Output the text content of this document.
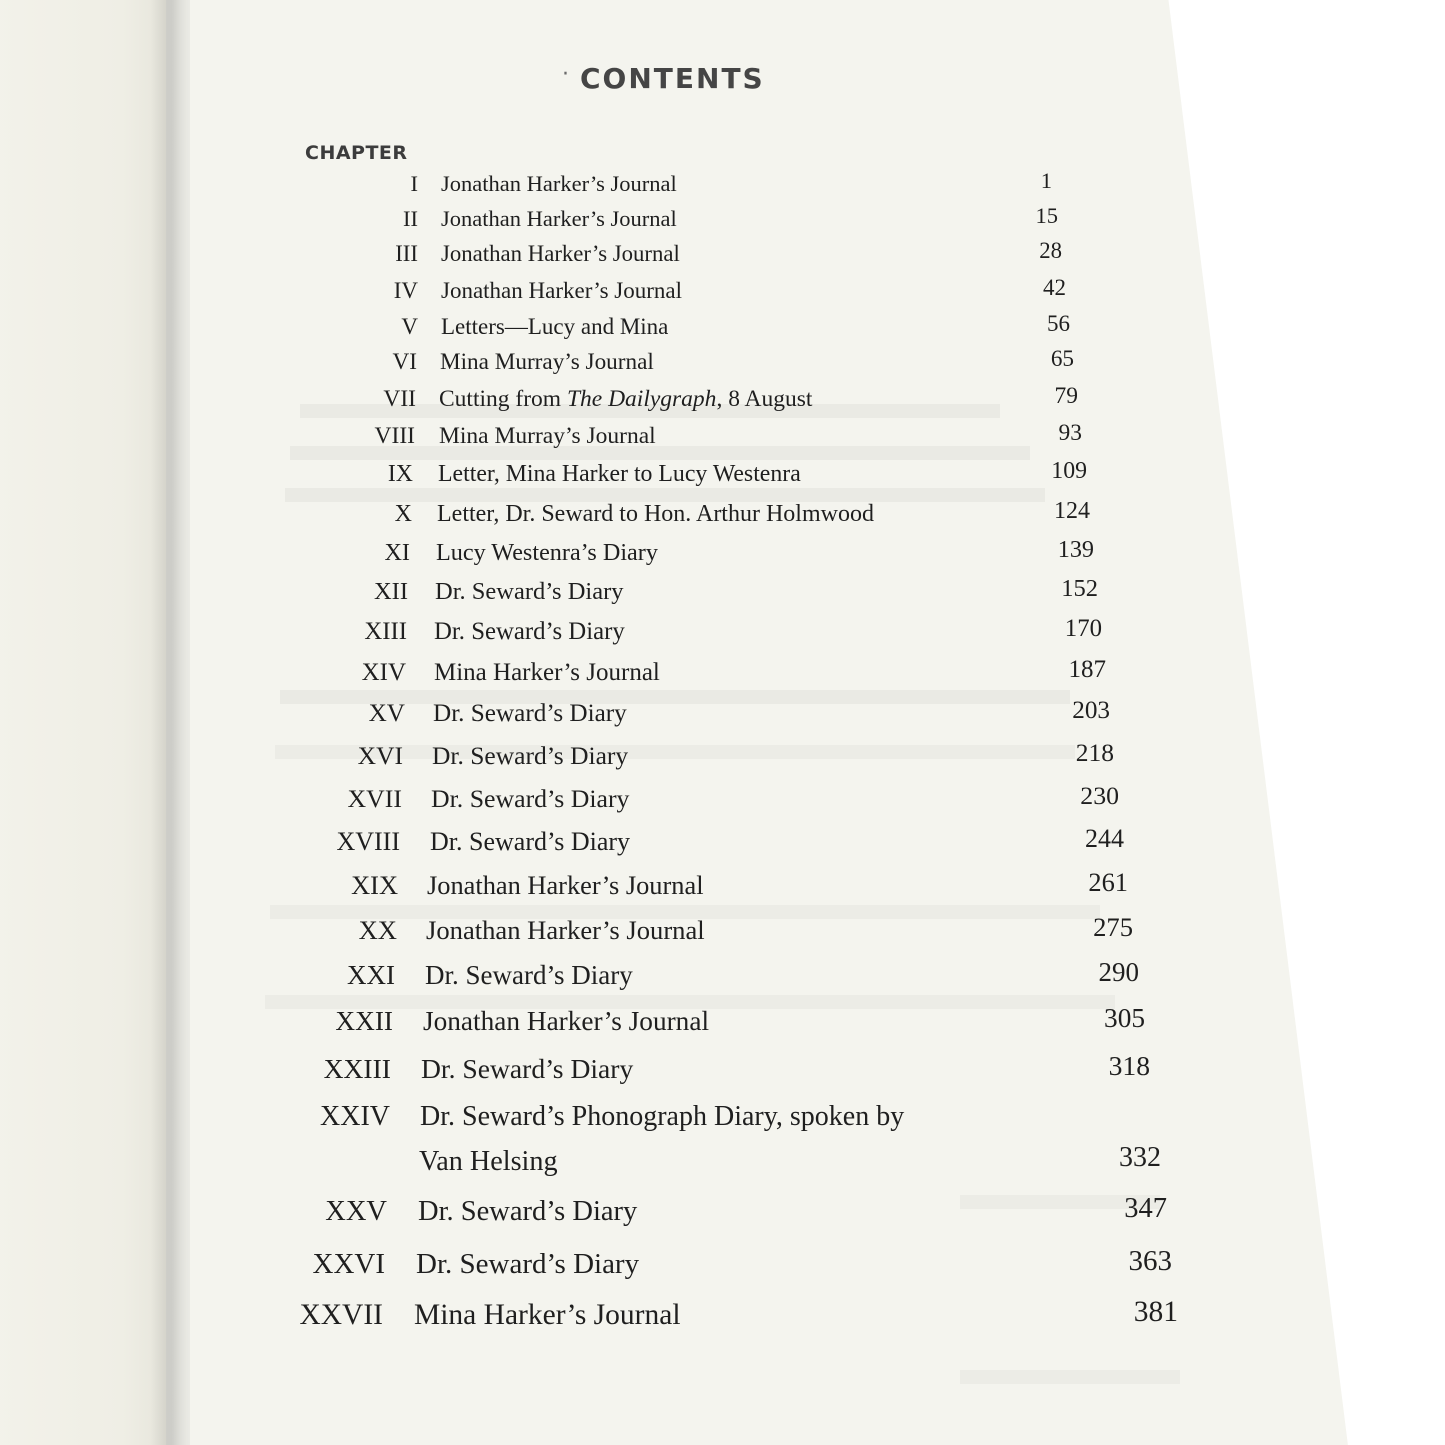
· CONTENTS
CHAPTER
I Jonathan Harker’s Journal	1
II Jonathan Harker’s Journal	15
III Jonathan Harker’s Journal	28
IV Jonathan Harker’s Journal	42
V Letters—Lucy and Mina	56
VI Mina Murray’s Journal	65
VII Cutting from The Dailygraph, 8 August	79
VIII Mina Murray’s Journal	93
IX Letter, Mina Harker to Lucy Westenra	109
X Letter, Dr. Seward to Hon. Arthur Holmwood	124
XI Lucy Westenra’s Diary	139
XII Dr. Seward’s Diary	152
XIII Dr. Seward’s Diary	170
XIV Mina Harker’s Journal	187
XV Dr. Seward’s Diary	203
XVI Dr. Seward’s Diary	218
XVII Dr. Seward’s Diary	230
XVIII Dr. Seward’s Diary	244
XIX Jonathan Harker’s Journal	261
XX Jonathan Harker’s Journal	275
XXI Dr. Seward’s Diary	290
XXII Jonathan Harker’s Journal	305
XXIII Dr. Seward’s Diary	318
XXIV Dr. Seward’s Phonograph Diary, spoken by
Van Helsing	332
XXV Dr. Seward’s Diary	347
XXVI Dr. Seward’s Diary	363
XXVII Mina Harker’s Journal	381
